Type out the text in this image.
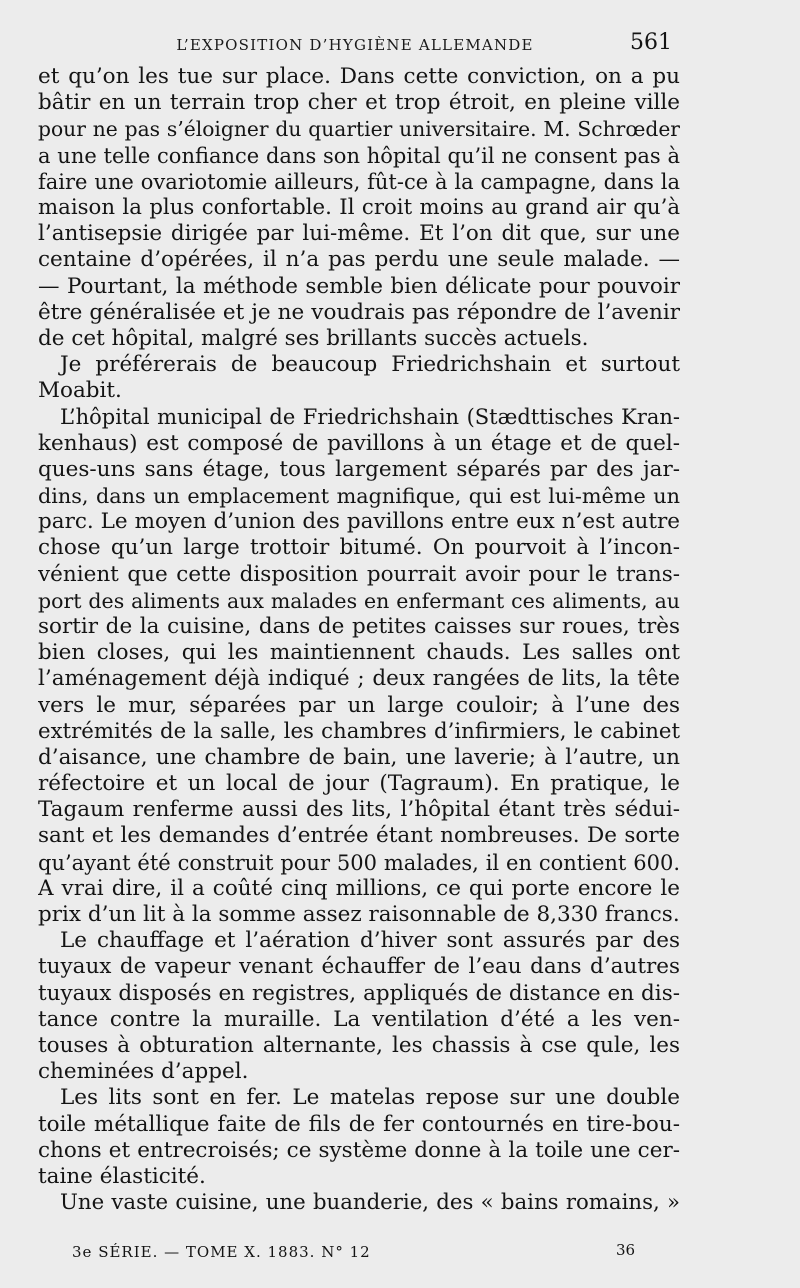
L’EXPOSITION D’HYGIÈNE ALLEMANDE	561
et qu’on les tue sur place. Dans cette conviction, on a pu
bâtir en un terrain trop cher et trop étroit, en pleine ville
pour ne pas s’éloigner du quartier universitaire. M. Schrœder
a une telle confiance dans son hôpital qu’il ne consent pas à
faire une ovariotomie ailleurs, fût-ce à la campagne, dans la
maison la plus confortable. Il croit moins au grand air qu’à
l’antisepsie dirigée par lui-même. Et l’on dit que, sur une
centaine d’opérées, il n’a pas perdu une seule malade. —
— Pourtant, la méthode semble bien délicate pour pouvoir
être généralisée et je ne voudrais pas répondre de l’avenir
de cet hôpital, malgré ses brillants succès actuels.
Je préférerais de beaucoup Friedrichshain et surtout
Moabit.
L’hôpital municipal de Friedrichshain (Stædttisches Kran-
kenhaus) est composé de pavillons à un étage et de quel-
ques-uns sans étage, tous largement séparés par des jar-
dins, dans un emplacement magnifique, qui est lui-même un
parc. Le moyen d’union des pavillons entre eux n’est autre
chose qu’un large trottoir bitumé. On pourvoit à l’incon-
vénient que cette disposition pourrait avoir pour le trans-
port des aliments aux malades en enfermant ces aliments, au
sortir de la cuisine, dans de petites caisses sur roues, très
bien closes, qui les maintiennent chauds. Les salles ont
l’aménagement déjà indiqué ; deux rangées de lits, la tête
vers le mur, séparées par un large couloir; à l’une des
extrémités de la salle, les chambres d’infirmiers, le cabinet
d’aisance, une chambre de bain, une laverie; à l’autre, un
réfectoire et un local de jour (Tagraum). En pratique, le
Tagaum renferme aussi des lits, l’hôpital étant très sédui-
sant et les demandes d’entrée étant nombreuses. De sorte
qu’ayant été construit pour 500 malades, il en contient 600.
A vrai dire, il a coûté cinq millions, ce qui porte encore le
prix d’un lit à la somme assez raisonnable de 8,330 francs.
Le chauffage et l’aération d’hiver sont assurés par des
tuyaux de vapeur venant échauffer de l’eau dans d’autres
tuyaux disposés en registres, appliqués de distance en dis-
tance contre la muraille. La ventilation d’été a les ven-
touses à obturation alternante, les chassis à cse qule, les
cheminées d’appel.
Les lits sont en fer. Le matelas repose sur une double
toile métallique faite de fils de fer contournés en tire-bou-
chons et entrecroisés; ce système donne à la toile une cer-
taine élasticité.
Une vaste cuisine, une buanderie, des « bains romains, »
3e SÉRIE. — TOME X. 1883. N° 12	36
